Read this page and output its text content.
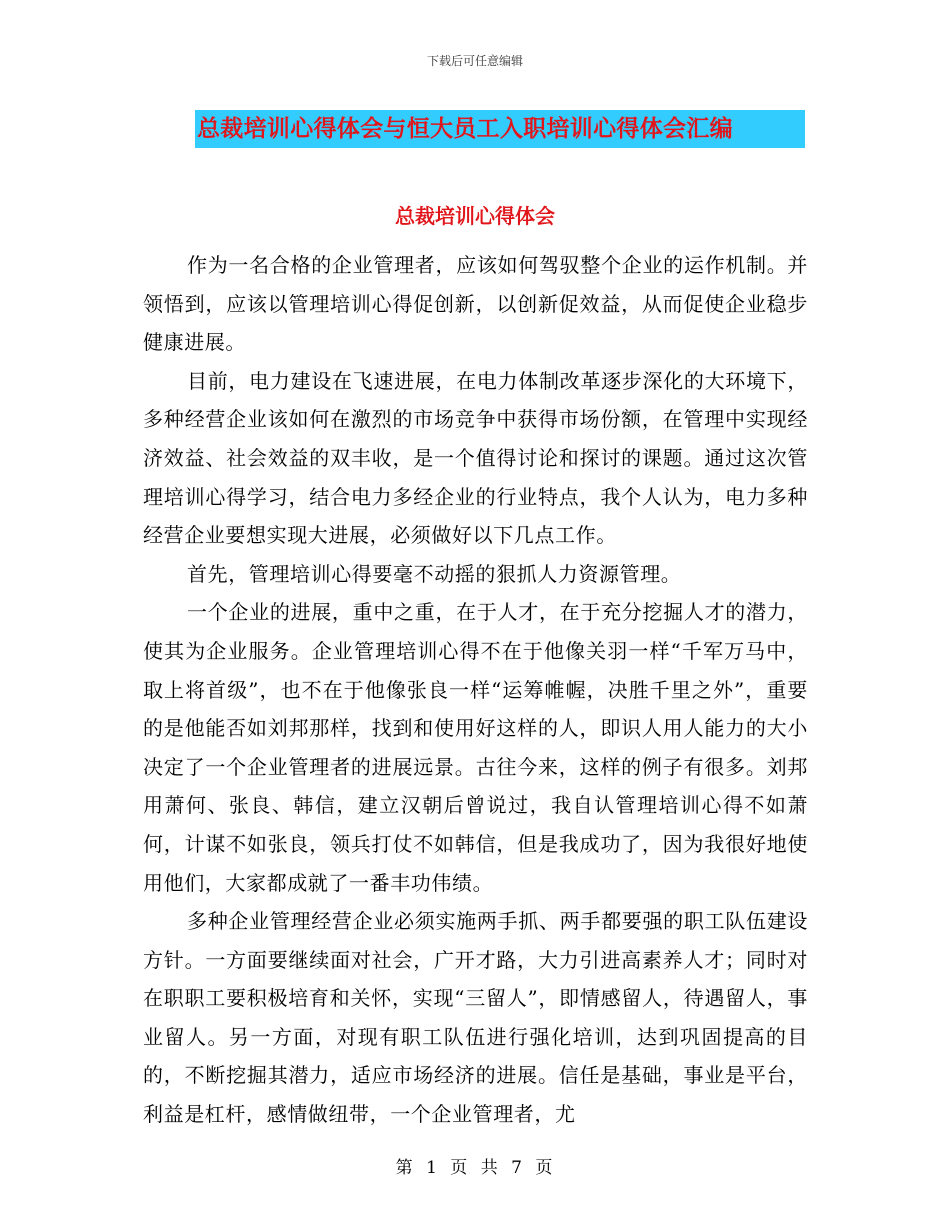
下载后可任意编辑
总裁培训心得体会与恒大员工入职培训心得体会汇编
总裁培训心得体会

作为一名合格的企业管理者，应该如何驾驭整个企业的运作机制。并领悟到，应该以管理培训心得促创新，以创新促效益，从而促使企业稳步健康进展。

目前，电力建设在飞速进展，在电力体制改革逐步深化的大环境下，多种经营企业该如何在激烈的市场竞争中获得市场份额，在管理中实现经济效益、社会效益的双丰收，是一个值得讨论和探讨的课题。通过这次管理培训心得学习，结合电力多经企业的行业特点，我个人认为，电力多种经营企业要想实现大进展，必须做好以下几点工作。

首先，管理培训心得要毫不动摇的狠抓人力资源管理。

一个企业的进展，重中之重，在于人才，在于充分挖掘人才的潜力，使其为企业服务。企业管理培训心得不在于他像关羽一样“千军万马中，取上将首级”，也不在于他像张良一样“运筹帷幄，决胜千里之外”，重要的是他能否如刘邦那样，找到和使用好这样的人，即识人用人能力的大小决定了一个企业管理者的进展远景。古往今来，这样的例子有很多。刘邦用萧何、张良、韩信，建立汉朝后曾说过，我自认管理培训心得不如萧何，计谋不如张良，领兵打仗不如韩信，但是我成功了，因为我很好地使用他们，大家都成就了一番丰功伟绩。

多种企业管理经营企业必须实施两手抓、两手都要强的职工队伍建设方针。一方面要继续面对社会，广开才路，大力引进高素养人才；同时对在职职工要积极培育和关怀，实现“三留人”，即情感留人，待遇留人，事业留人。另一方面，对现有职工队伍进行强化培训，达到巩固提高的目的，不断挖掘其潜力，适应市场经济的进展。信任是基础，事业是平台，利益是杠杆，感情做纽带，一个企业管理者，尤

第 1 页 共 7 页
